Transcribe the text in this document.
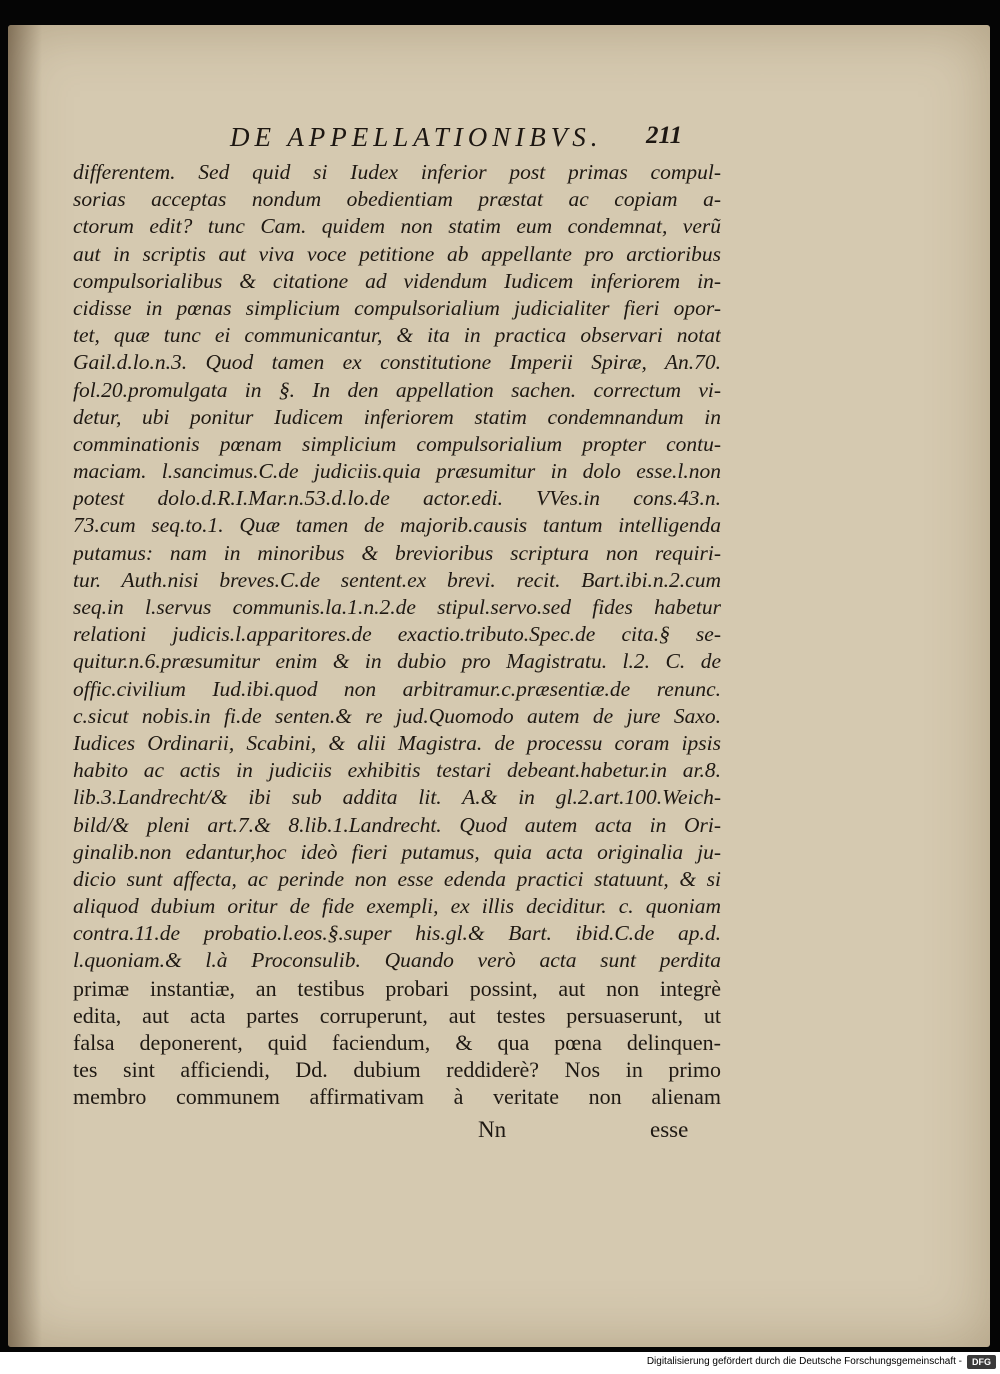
DE APPELLATIONIBVS. 211
differentem. Sed quid si Iudex inferior post primas compul-
sorias acceptas nondum obedientiam præstat ac copiam a-
ctorum edit? tunc Cam. quidem non statim eum condemnat, verũ
aut in scriptis aut viva voce petitione ab appellante pro arctioribus
compulsorialibus & citatione ad videndum Iudicem inferiorem in-
cidisse in pœnas simplicium compulsorialium judicialiter fieri opor-
tet, quæ tunc ei communicantur, & ita in practica observari notat
Gail.d.lo.n.3. Quod tamen ex constitutione Imperii Spiræ, An.70.
fol.20.promulgata in §. In den appellation sachen. correctum vi-
detur, ubi ponitur Iudicem inferiorem statim condemnandum in
comminationis pœnam simplicium compulsorialium propter contu-
maciam. l.sancimus.C.de judiciis.quia præsumitur in dolo esse.l.non
potest dolo.d.R.I.Mar.n.53.d.lo.de actor.edi. VVes.in cons.43.n.
73.cum seq.to.1. Quæ tamen de majorib.causis tantum intelligenda
putamus: nam in minoribus & brevioribus scriptura non requiri-
tur. Auth.nisi breves.C.de sentent.ex brevi. recit. Bart.ibi.n.2.cum
seq.in l.servus communis.la.1.n.2.de stipul.servo.sed fides habetur
relationi judicis.l.apparitores.de exactio.tributo.Spec.de cita.§ se-
quitur.n.6.præsumitur enim & in dubio pro Magistratu. l.2. C. de
offic.civilium Iud.ibi.quod non arbitramur.c.præsentiæ.de renunc.
c.sicut nobis.in fi.de senten.& re jud.Quomodo autem de jure Saxo.
Iudices Ordinarii, Scabini, & alii Magistra. de processu coram ipsis
habito ac actis in judiciis exhibitis testari debeant.habetur.in ar.8.
lib.3.Landrecht/& ibi sub addita lit. A.& in gl.2.art.100.Weich-
bild/& pleni art.7.& 8.lib.1.Landrecht. Quod autem acta in Ori-
ginalib.non edantur,hoc ideò fieri putamus, quia acta originalia ju-
dicio sunt affecta, ac perinde non esse edenda practici statuunt, & si
aliquod dubium oritur de fide exempli, ex illis deciditur. c. quoniam
contra.11.de probatio.l.eos.§.super his.gl.& Bart. ibid.C.de ap.d.
l.quoniam.& l.à Proconsulib. Quando verò acta sunt perdita
primæ instantiæ, an testibus probari possint, aut non integrè
edita, aut acta partes corruperunt, aut testes persuaserunt, ut
falsa deponerent, quid faciendum, & qua pœna delinquen-
tes sint afficiendi, Dd. dubium reddiderè? Nos in primo
membro communem affirmativam à veritate non alienam
Nn	esse
Digitalisierung gefördert durch die Deutsche Forschungsgemeinschaft -	DFG
